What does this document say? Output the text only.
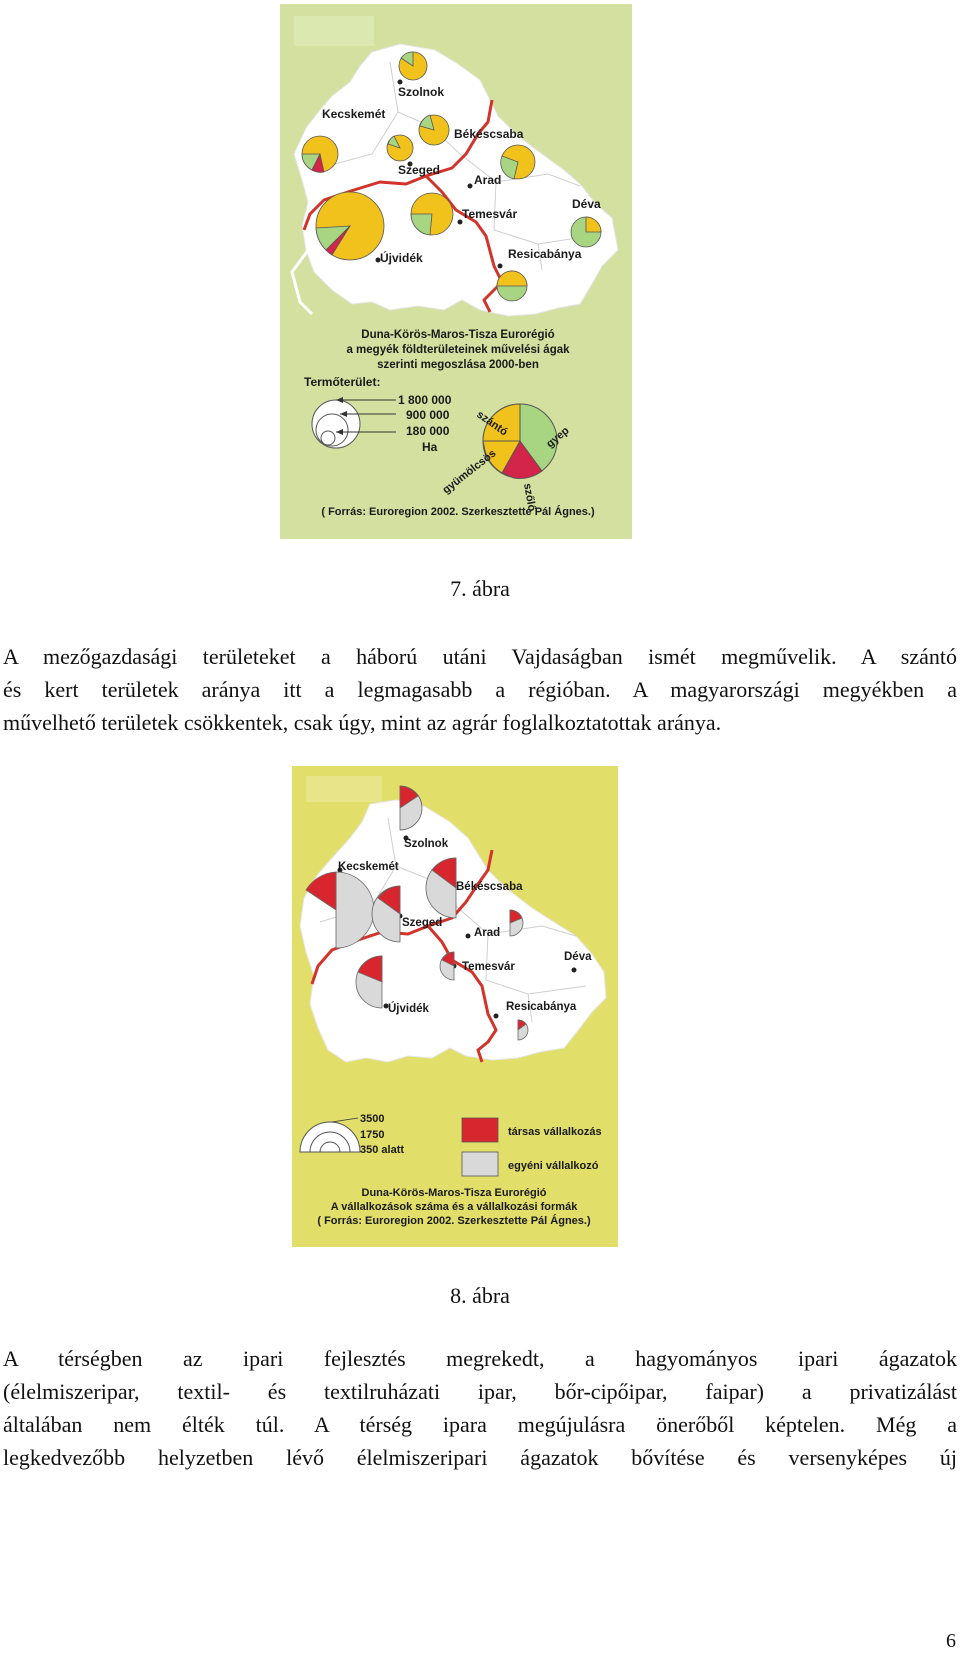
Szolnok
Kecskemét
Békéscsaba
Szeged
Arad
Temesvár
Déva
Újvidék	Resicabánya
Duna-Körös-Maros-Tisza Eurorégió
a megyék földterületeinek művelési ágak
szerinti megoszlása 2000-ben
Termőterület:
1 800 000
900 000
180 000
Ha
szántó	gyep
gyümölcsös
szőlő
( Forrás: Euroregion 2002. Szerkesztette Pál Ágnes.)
7. ábra

A mezőgazdasági területeket a háború utáni Vajdaságban ismét megművelik. A szántó

és kert területek aránya itt a legmagasabb a régióban. A magyarországi megyékben a

művelhető területek csökkentek, csak úgy, mint az agrár foglalkoztatottak aránya.

Szolnok
Kecskemét
Békéscsaba
Szeged
Arad
Temesvár
Déva
Újvidék	Resicabánya
3500
1750
350 alatt
társas vállalkozás
egyéni vállalkozó
Duna-Körös-Maros-Tisza Eurorégió
A vállalkozások száma és a vállalkozási formák
( Forrás: Euroregion 2002. Szerkesztette Pál Ágnes.)
8. ábra

A térségben az ipari fejlesztés megrekedt, a hagyományos ipari ágazatok

(élelmiszeripar, textil- és textilruházati ipar, bőr-cipőipar, faipar) a privatizálást

általában nem élték túl. A térség ipara megújulásra önerőből képtelen. Még a

legkedvezőbb helyzetben lévő élelmiszeripari ágazatok bővítése és versenyképes új

6
